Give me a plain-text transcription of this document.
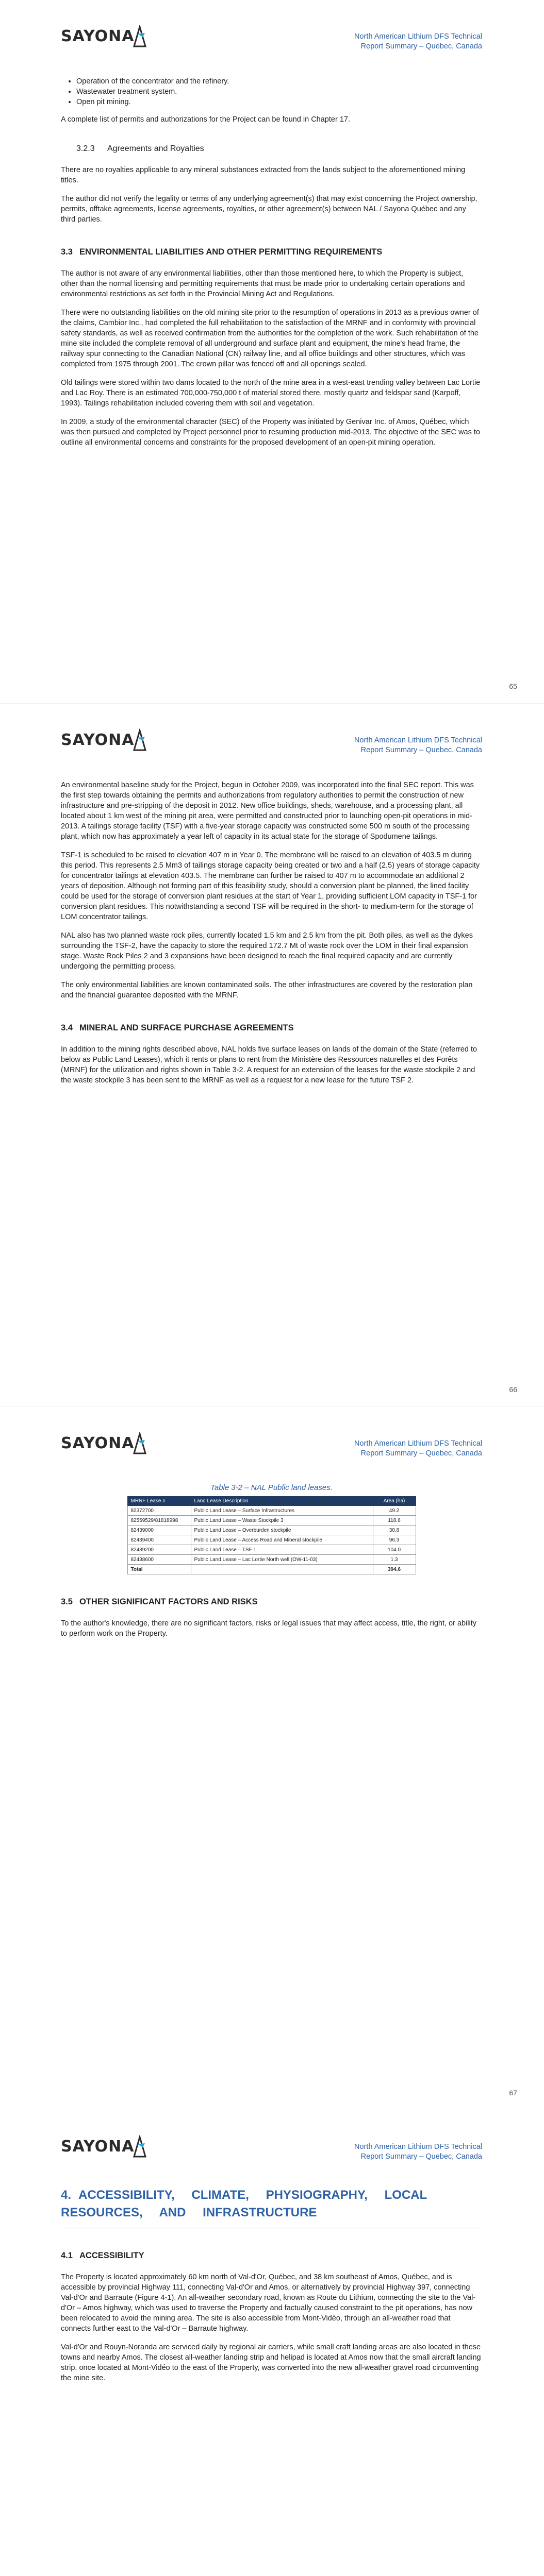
SAYONA	North American Lithium DFS Technical
Report Summary – Quebec, Canada
• Operation of the concentrator and the refinery.
• Wastewater treatment system.
• Open pit mining.

A complete list of permits and authorizations for the Project can be found in Chapter 17.

3.2.3 Agreements and Royalties

There are no royalties applicable to any mineral substances extracted from the lands subject to the aforementioned mining titles.

The author did not verify the legality or terms of any underlying agreement(s) that may exist concerning the Project ownership, permits, offtake agreements, license agreements, royalties, or other agreement(s) between NAL / Sayona Québec and any third parties.

3.3 ENVIRONMENTAL LIABILITIES AND OTHER PERMITTING REQUIREMENTS

The author is not aware of any environmental liabilities, other than those mentioned here, to which the Property is subject, other than the normal licensing and permitting requirements that must be made prior to undertaking certain operations and environmental restrictions as set forth in the Provincial Mining Act and Regulations.

There were no outstanding liabilities on the old mining site prior to the resumption of operations in 2013 as a previous owner of the claims, Cambior Inc., had completed the full rehabilitation to the satisfaction of the MRNF and in conformity with provincial safety standards, as well as received confirmation from the authorities for the completion of the work. Such rehabilitation of the mine site included the complete removal of all underground and surface plant and equipment, the mine's head frame, the railway spur connecting to the Canadian National (CN) railway line, and all office buildings and other structures, which was completed from 1975 through 2001. The crown pillar was fenced off and all openings sealed.

Old tailings were stored within two dams located to the north of the mine area in a west-east trending valley between Lac Lortie and Lac Roy. There is an estimated 700,000-750,000 t of material stored there, mostly quartz and feldspar sand (Karpoff, 1993). Tailings rehabilitation included covering them with soil and vegetation.

In 2009, a study of the environmental character (SEC) of the Property was initiated by Genivar Inc. of Amos, Québec, which was then pursued and completed by Project personnel prior to resuming production mid-2013. The objective of the SEC was to outline all environmental concerns and constraints for the proposed development of an open-pit mining operation.

65
SAYONA	North American Lithium DFS Technical
Report Summary – Quebec, Canada

An environmental baseline study for the Project, begun in October 2009, was incorporated into the final SEC report. This was the first step towards obtaining the permits and authorizations from regulatory authorities to permit the construction of new infrastructure and pre-stripping of the deposit in 2012. New office buildings, sheds, warehouse, and a processing plant, all located about 1 km west of the mining pit area, were permitted and constructed prior to launching open-pit operations in mid-2013. A tailings storage facility (TSF) with a five-year storage capacity was constructed some 500 m south of the processing plant, which now has approximately a year left of capacity in its actual state for the storage of Spodumene tailings.

TSF-1 is scheduled to be raised to elevation 407 m in Year 0. The membrane will be raised to an elevation of 403.5 m during this period. This represents 2.5 Mm3 of tailings storage capacity being created or two and a half (2.5) years of storage capacity for concentrator tailings at elevation 403.5. The membrane can further be raised to 407 m to accommodate an additional 2 years of deposition. Although not forming part of this feasibility study, should a conversion plant be planned, the lined facility could be used for the storage of conversion plant residues at the start of Year 1, providing sufficient LOM capacity in TSF-1 for conversion plant residues. This notwithstanding a second TSF will be required in the short- to medium-term for the storage of LOM concentrator tailings.

NAL also has two planned waste rock piles, currently located 1.5 km and 2.5 km from the pit. Both piles, as well as the dykes surrounding the TSF-2, have the capacity to store the required 172.7 Mt of waste rock over the LOM in their final expansion stage. Waste Rock Piles 2 and 3 expansions have been designed to reach the final required capacity and are currently undergoing the permitting process.

The only environmental liabilities are known contaminated soils. The other infrastructures are covered by the restoration plan and the financial guarantee deposited with the MRNF.

3.4 MINERAL AND SURFACE PURCHASE AGREEMENTS

In addition to the mining rights described above, NAL holds five surface leases on lands of the domain of the State (referred to below as Public Land Leases), which it rents or plans to rent from the Ministère des Ressources naturelles et des Forêts (MRNF) for the utilization and rights shown in Table 3-2. A request for an extension of the leases for the waste stockpile 2 and the waste stockpile 3 has been sent to the MRNF as well as a request for a new lease for the future TSF 2.

66
SAYONA	North American Lithium DFS Technical
Report Summary – Quebec, Canada
Table 3-2 – NAL Public land leases.
MRNF Lease #	Land Lease Description	Area (ha)
82372700	Public Land Lease – Surface Infrastructures	49.2
82559529/81818998	Public Land Lease – Waste Stockpile 3	118.6
82439000	Public Land Lease – Overburden stockpile	30.8
82439400	Public Land Lease – Access Road and Mineral stockpile	96.3
82439200	Public Land Lease – TSF 1	104.0
82438600	Public Land Lease – Lac Lortie North well (OW-11-03)	1.3
Total		394.6
3.5 OTHER SIGNIFICANT FACTORS AND RISKS

To the author's knowledge, there are no significant factors, risks or legal issues that may affect access, title, the right, or ability to perform work on the Property.

67
SAYONA	North American Lithium DFS Technical
Report Summary – Quebec, Canada
4. ACCESSIBILITY, CLIMATE, PHYSIOGRAPHY, LOCAL RESOURCES, AND INFRASTRUCTURE
4.1 ACCESSIBILITY

The Property is located approximately 60 km north of Val-d'Or, Québec, and 38 km southeast of Amos, Québec, and is accessible by provincial Highway 111, connecting Val-d'Or and Amos, or alternatively by provincial Highway 397, connecting Val-d'Or and Barraute (Figure 4-1). An all-weather secondary road, known as Route du Lithium, connecting the site to the Val-d'Or – Amos highway, which was used to traverse the Property and factually caused constraint to the pit operations, has now been relocated to avoid the mining area. The site is also accessible from Mont-Vidéo, through an all-weather road that connects further east to the Val-d'Or – Barraute highway.

Val-d'Or and Rouyn-Noranda are serviced daily by regional air carriers, while small craft landing areas are also located in these towns and nearby Amos. The closest all-weather landing strip and helipad is located at Amos now that the small aircraft landing strip, once located at Mont-Vidéo to the east of the Property, was converted into the new all-weather gravel road circumventing the mine site.
